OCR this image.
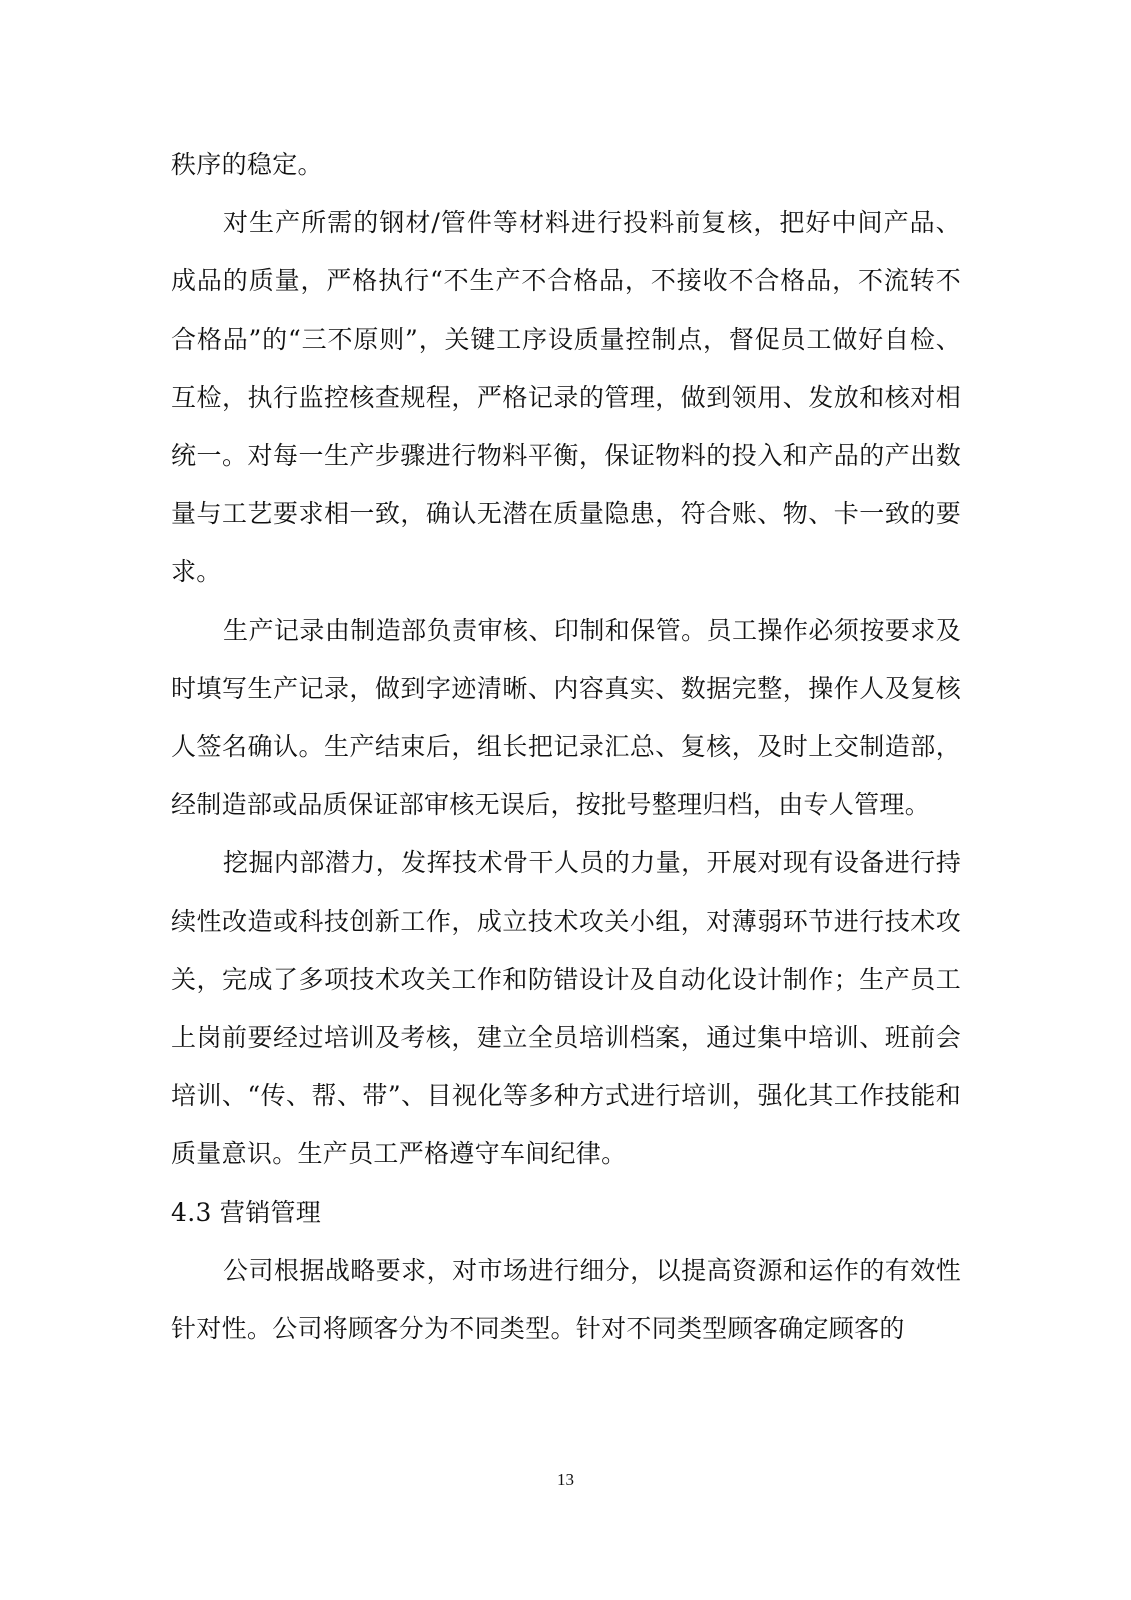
秩序的稳定。

对生产所需的钢材/管件等材料进行投料前复核，把好中间产品、成品的质量，严格执行“不生产不合格品，不接收不合格品，不流转不合格品”的“三不原则”，关键工序设质量控制点，督促员工做好自检、互检，执行监控核查规程，严格记录的管理，做到领用、发放和核对相统一。对每一生产步骤进行物料平衡，保证物料的投入和产品的产出数量与工艺要求相一致，确认无潜在质量隐患，符合账、物、卡一致的要求。

生产记录由制造部负责审核、印制和保管。员工操作必须按要求及时填写生产记录，做到字迹清晰、内容真实、数据完整，操作人及复核人签名确认。生产结束后，组长把记录汇总、复核，及时上交制造部，经制造部或品质保证部审核无误后，按批号整理归档，由专人管理。

挖掘内部潜力，发挥技术骨干人员的力量，开展对现有设备进行持续性改造或科技创新工作，成立技术攻关小组，对薄弱环节进行技术攻关，完成了多项技术攻关工作和防错设计及自动化设计制作；生产员工上岗前要经过培训及考核，建立全员培训档案，通过集中培训、班前会培训、“传、帮、带”、目视化等多种方式进行培训，强化其工作技能和质量意识。生产员工严格遵守车间纪律。

4.3 营销管理

公司根据战略要求，对市场进行细分，以提高资源和运作的有效性针对性。公司将顾客分为不同类型。针对不同类型顾客确定顾客的

13
